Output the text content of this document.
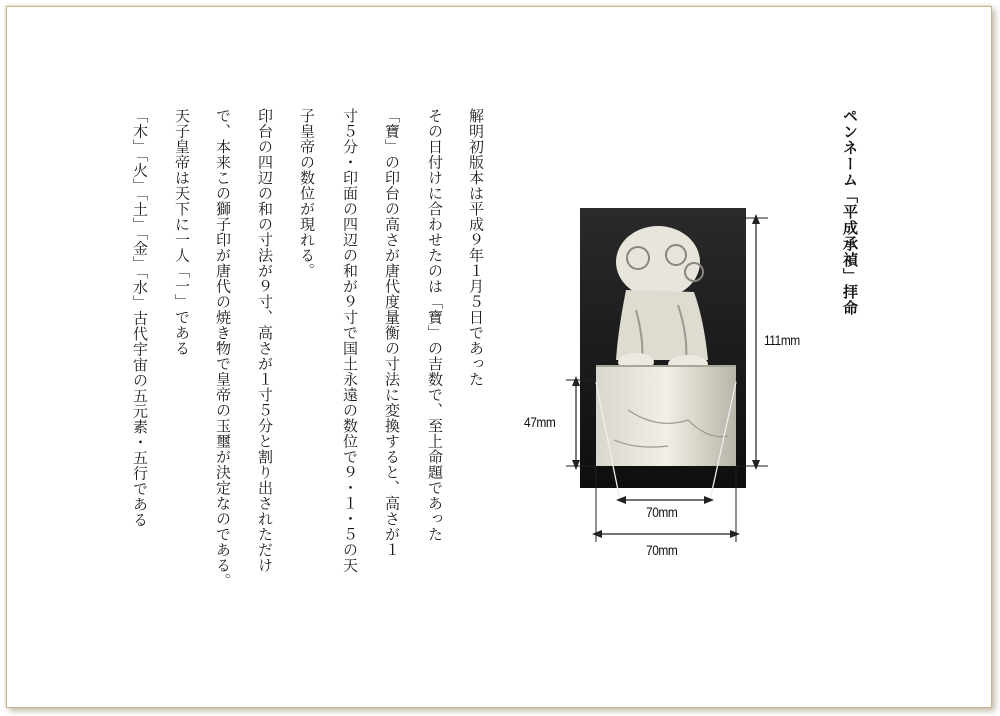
ペンネーム「平成承禎」拝命
解明初版本は平成９年１月５日であった
その日付けに合わせたのは「寶」の吉数で、至上命題であった
「寶」の印台の高さが唐代度量衡の寸法に変換すると、高さが１
寸５分・印面の四辺の和が９寸で国土永遠の数位で９・１・５の天
子皇帝の数位が現れる。
印台の四辺の和の寸法が９寸、高さが１寸５分と割り出されただけ
で、本来この獅子印が唐代の焼き物で皇帝の玉璽が決定なのである。
天子皇帝は天下に一人「一」である
「木」「火」「土」「金」「水」古代宇宙の五元素・五行である	111mm
47mm
70mm
70mm
